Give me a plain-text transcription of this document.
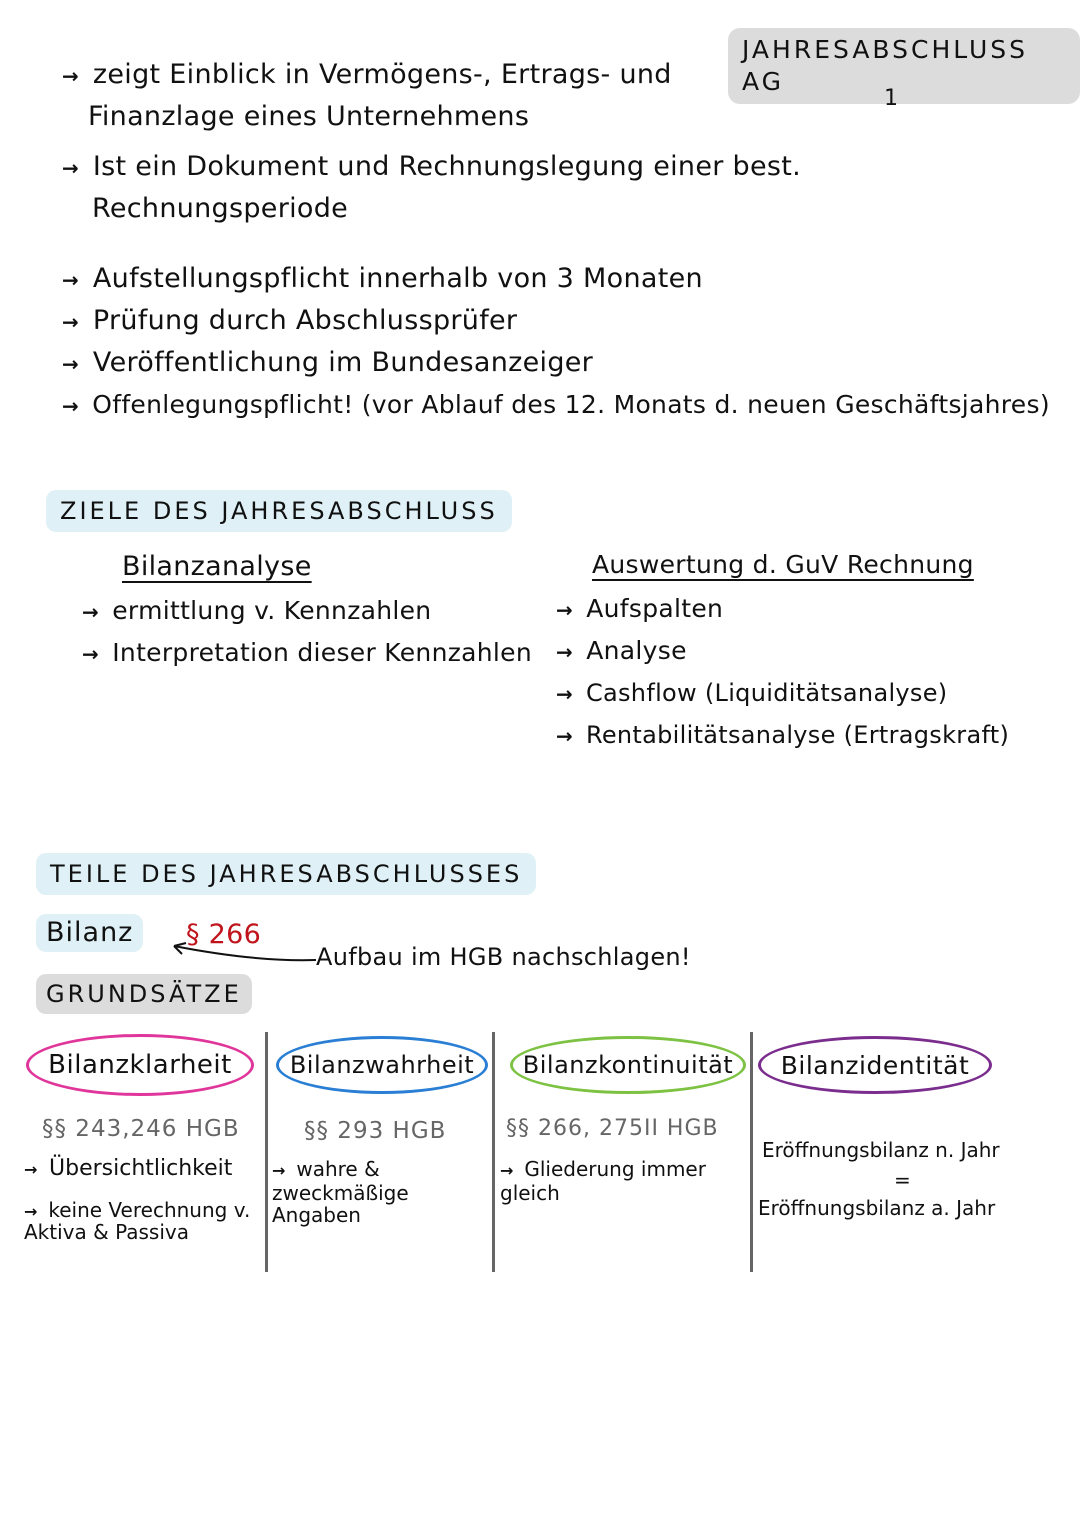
JAHRESABSCHLUSS AG
1
→ zeigt Einblick in Vermögens-, Ertrags- und
Finanzlage eines Unternehmens
→ Ist ein Dokument und Rechnungslegung einer best.
Rechnungsperiode
→ Aufstellungspflicht innerhalb von 3 Monaten
→ Prüfung durch Abschlussprüfer
→ Veröffentlichung im Bundesanzeiger
→ Offenlegungspflicht! (vor Ablauf des 12. Monats d. neuen Geschäftsjahres)
ZIELE DES JAHRESABSCHLUSS
Bilanzanalyse
→ ermittlung v. Kennzahlen
→ Interpretation dieser Kennzahlen
Auswertung d. GuV Rechnung
→ Aufspalten
→ Analyse
→ Cashflow (Liquiditätsanalyse)
→ Rentabilitätsanalyse (Ertragskraft)
TEILE DES JAHRESABSCHLUSSES
Bilanz	§ 266
Aufbau im HGB nachschlagen!
GRUNDSÄTZE
Bilanzklarheit Bilanzwahrheit Bilanzkontinuität Bilanzidentität
§§ 243,246 HGB
→ Übersichtlichkeit
→ keine Verechnung v. Aktiva & Passiva
§§ 293 HGB
→ wahre & zweckmäßige Angaben
§§ 266, 275II HGB
→ Gliederung immer gleich
Eröffnungsbilanz n. Jahr
=
Eröffnungsbilanz a. Jahr
